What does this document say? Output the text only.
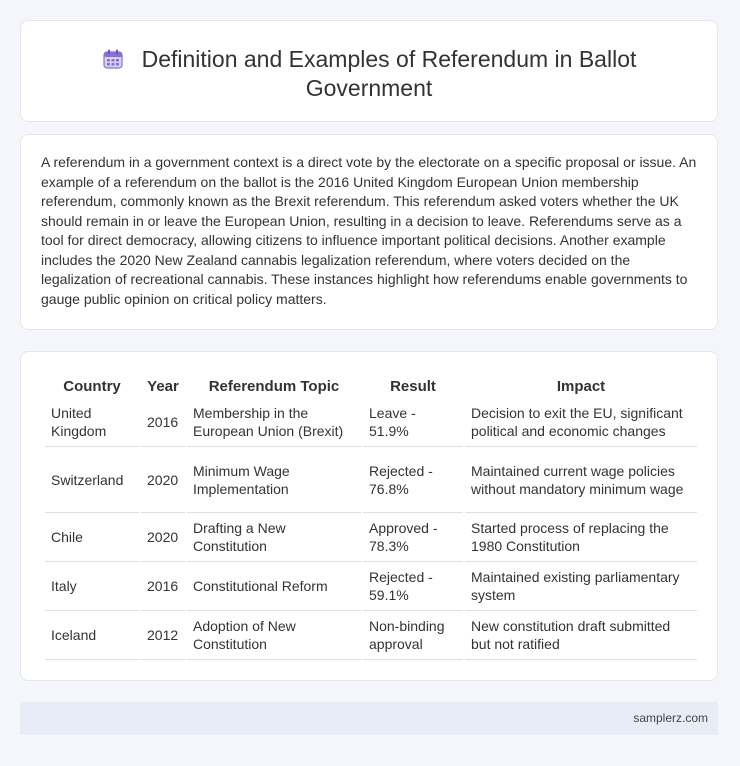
Definition and Examples of Referendum in Ballot Government
A referendum in a government context is a direct vote by the electorate on a specific proposal or issue. An example of a referendum on the ballot is the 2016 United Kingdom European Union membership referendum, commonly known as the Brexit referendum. This referendum asked voters whether the UK should remain in or leave the European Union, resulting in a decision to leave. Referendums serve as a tool for direct democracy, allowing citizens to influence important political decisions. Another example includes the 2020 New Zealand cannabis legalization referendum, where voters decided on the legalization of recreational cannabis. These instances highlight how referendums enable governments to gauge public opinion on critical policy matters.
Country	Year	Referendum Topic	Result	Impact
United Kingdom	2016	Membership in the European Union (Brexit)	Leave - 51.9%	Decision to exit the EU, significant political and economic changes
Switzerland	2020	Minimum Wage Implementation	Rejected - 76.8%	Maintained current wage policies without mandatory minimum wage
Chile	2020	Drafting a New Constitution	Approved - 78.3%	Started process of replacing the 1980 Constitution
Italy	2016	Constitutional Reform	Rejected - 59.1%	Maintained existing parliamentary system
Iceland	2012	Adoption of New Constitution	Non-binding approval	New constitution draft submitted but not ratified
samplerz.com
